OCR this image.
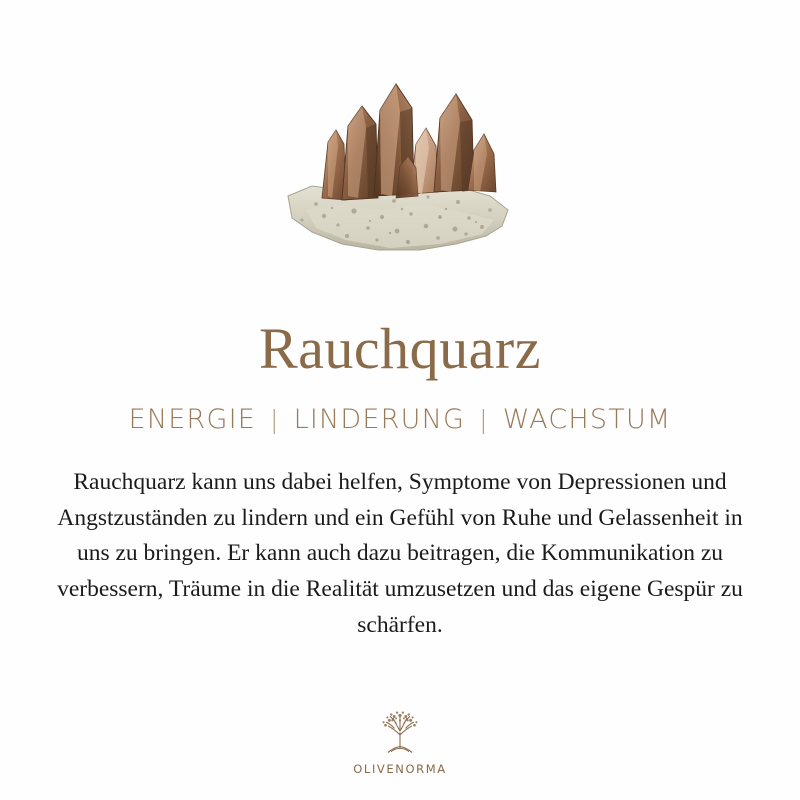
Rauchquarz
ENERGIE | LINDERUNG | WACHSTUM

Rauchquarz kann uns dabei helfen, Symptome von Depressionen und Angstzuständen zu lindern und ein Gefühl von Ruhe und Gelassenheit in uns zu bringen. Er kann auch dazu beitragen, die Kommunikation zu verbessern, Träume in die Realität umzusetzen und das eigene Gespür zu schärfen.

OLIVENORMA
